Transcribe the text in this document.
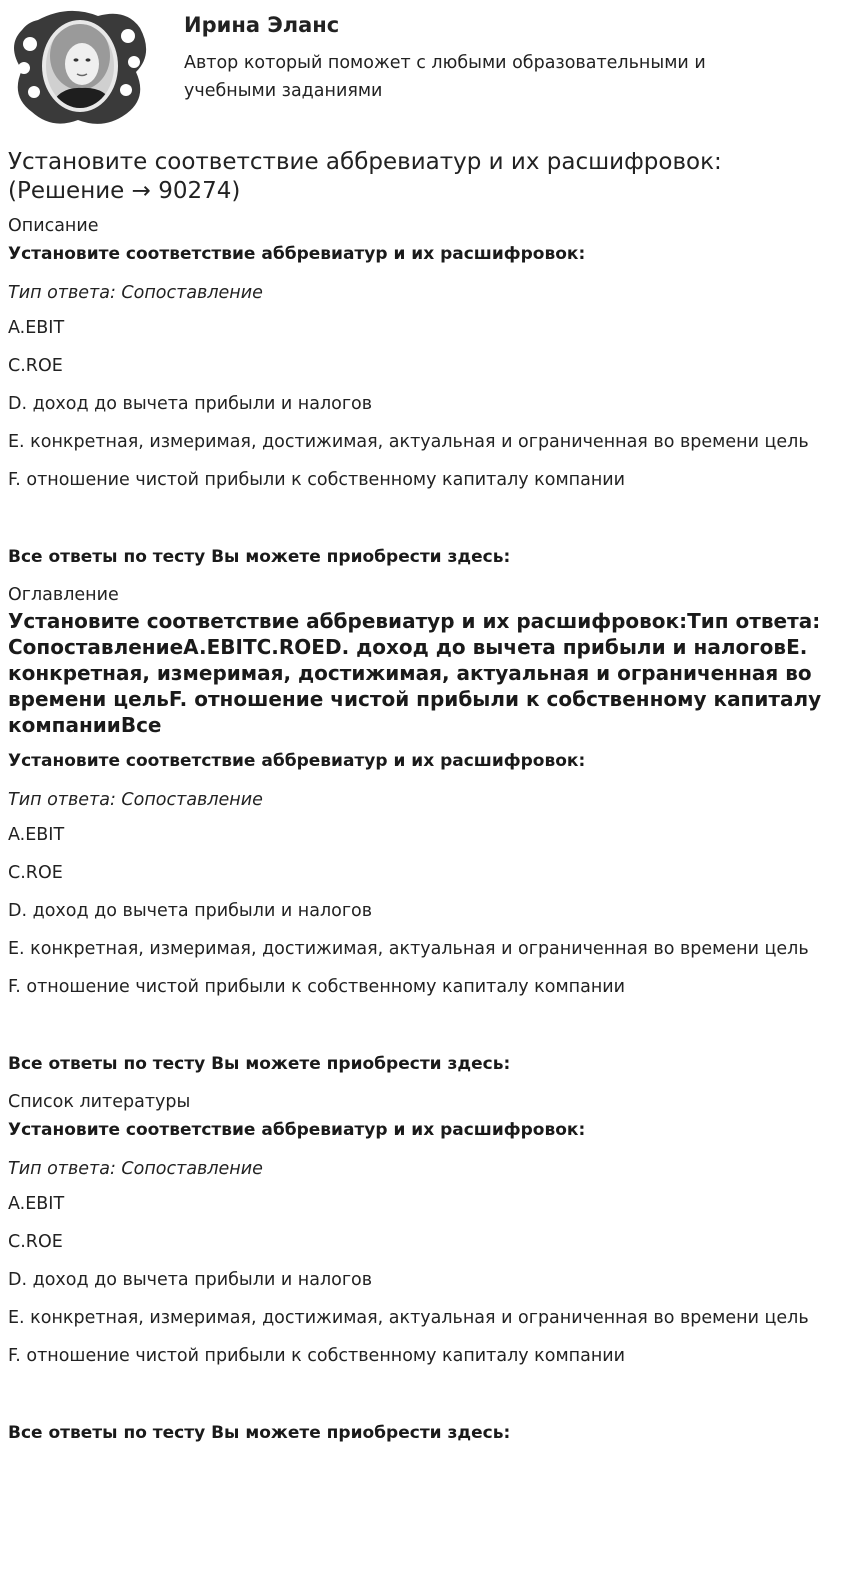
Ирина Эланс

Автор который поможет с любыми образовательными и учебными заданиями

Установите соответствие аббревиатур и их расшифровок:
(Решение → 90274)

Описание

Установите соответствие аббревиатур и их расшифровок:

Тип ответа: Сопоставление

A.EBIT

C.ROE

D. доход до вычета прибыли и налогов

E. конкретная, измеримая, достижимая, актуальная и ограниченная во времени цель

F. отношение чистой прибыли к собственному капиталу компании

Все ответы по тесту Вы можете приобрести здесь:

Оглавление

Установите соответствие аббревиатур и их расшифровок:Тип ответа: СопоставлениеA.EBITC.ROED. доход до вычета прибыли и налоговE. конкретная, измеримая, достижимая, актуальная и ограниченная во времени цельF. отношение чистой прибыли к собственному капиталу компанииВсе

Установите соответствие аббревиатур и их расшифровок:

Тип ответа: Сопоставление

A.EBIT

C.ROE

D. доход до вычета прибыли и налогов

E. конкретная, измеримая, достижимая, актуальная и ограниченная во времени цель

F. отношение чистой прибыли к собственному капиталу компании

Все ответы по тесту Вы можете приобрести здесь:

Список литературы

Установите соответствие аббревиатур и их расшифровок:

Тип ответа: Сопоставление

A.EBIT

C.ROE

D. доход до вычета прибыли и налогов

E. конкретная, измеримая, достижимая, актуальная и ограниченная во времени цель

F. отношение чистой прибыли к собственному капиталу компании

Все ответы по тесту Вы можете приобрести здесь:
